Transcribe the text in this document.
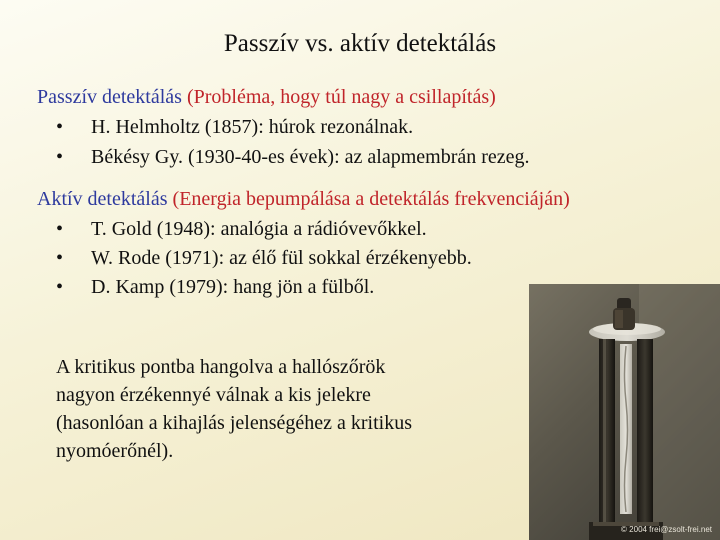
Passzív vs. aktív detektálás
Passzív detektálás (Probléma, hogy túl nagy a csillapítás)
• H. Helmholtz (1857): húrok rezonálnak.
• Békésy Gy. (1930-40-es évek): az alapmembrán rezeg.
Aktív detektálás (Energia bepumpálása a detektálás frekvenciáján)
• T. Gold (1948): analógia a rádióvevőkkel.
• W. Rode (1971): az élő fül sokkal érzékenyebb.
• D. Kamp (1979): hang jön a fülből.
A kritikus pontba hangolva a hallószőrök
nagyon érzékennyé válnak a kis jelekre
(hasonlóan a kihajlás jelenségéhez a kritikus
nyomóerőnél).
© 2004 frei@zsolt-frei.net
